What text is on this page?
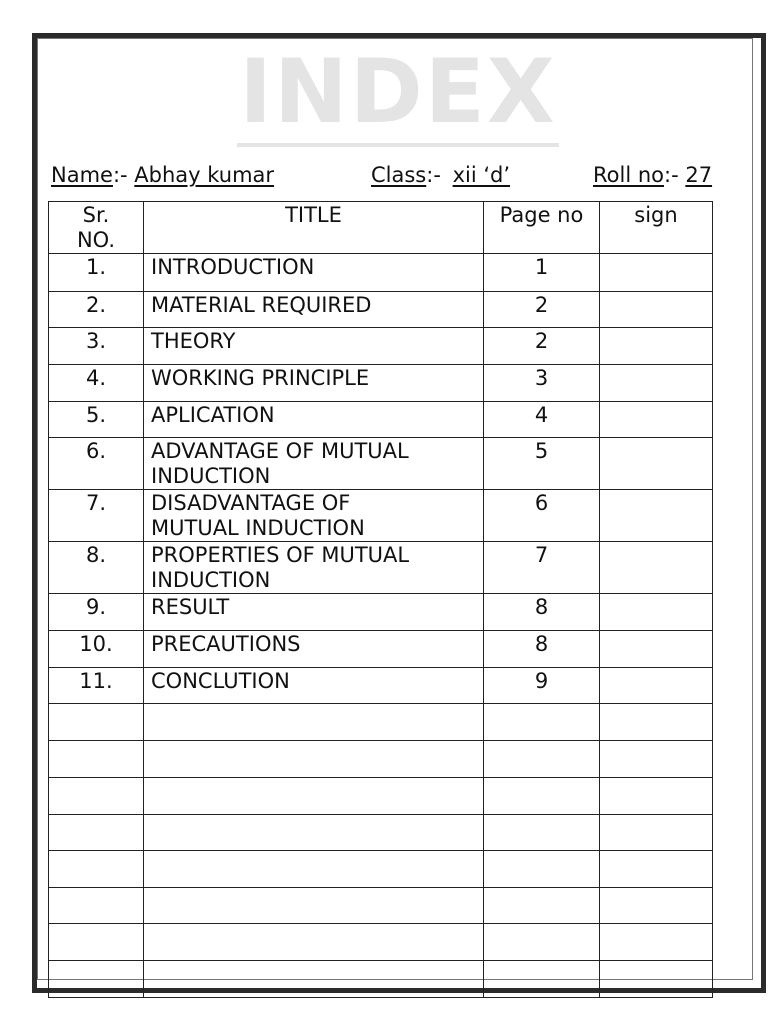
INDEX
Name:- Abhay kumar	Class:- xii ‘d’	Roll no:- 27
Sr. NO.	TITLE	Page no	sign
1.	INTRODUCTION	1	
2.	MATERIAL REQUIRED	2	
3.	THEORY	2	
4.	WORKING PRINCIPLE	3	
5.	APLICATION	4	
6.	ADVANTAGE OF MUTUAL INDUCTION	5	
7.	DISADVANTAGE OF MUTUAL INDUCTION	6	
8.	PROPERTIES OF MUTUAL INDUCTION	7	
9.	RESULT	8	
10.	PRECAUTIONS	8	
11.	CONCLUTION	9	
